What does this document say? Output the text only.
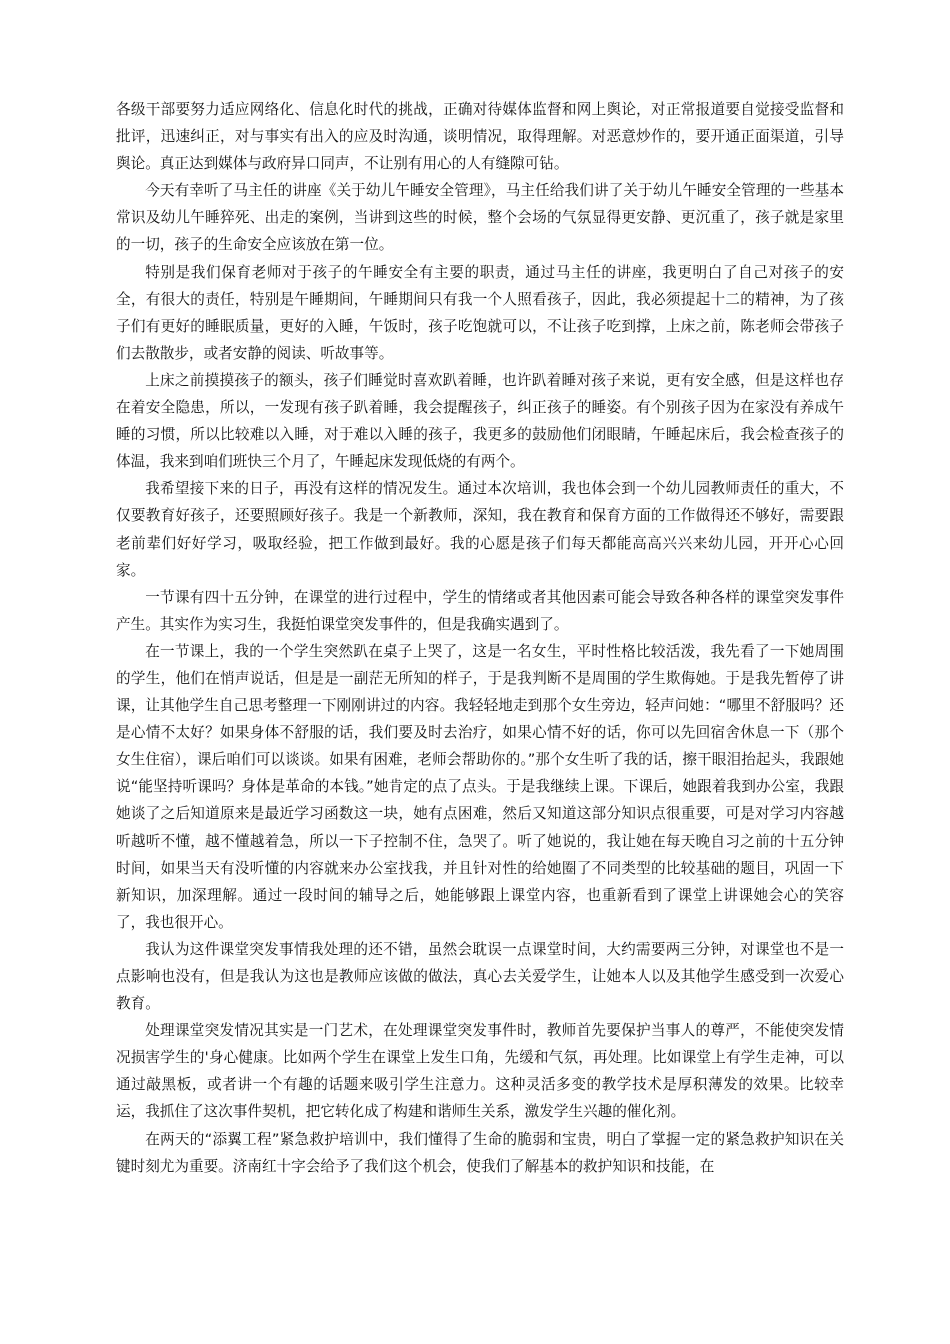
各级干部要努力适应网络化、信息化时代的挑战，正确对待媒体监督和网上舆论，对正常报道要自觉接受监督和批评，迅速纠正，对与事实有出入的应及时沟通，谈明情况，取得理解。对恶意炒作的，要开通正面渠道，引导舆论。真正达到媒体与政府异口同声，不让别有用心的人有缝隙可钻。

今天有幸听了马主任的讲座《关于幼儿午睡安全管理》，马主任给我们讲了关于幼儿午睡安全管理的一些基本常识及幼儿午睡猝死、出走的案例，当讲到这些的时候，整个会场的气氛显得更安静、更沉重了，孩子就是家里的一切，孩子的生命安全应该放在第一位。

特别是我们保育老师对于孩子的午睡安全有主要的职责，通过马主任的讲座，我更明白了自己对孩子的安全，有很大的责任，特别是午睡期间，午睡期间只有我一个人照看孩子，因此，我必须提起十二的精神，为了孩子们有更好的睡眠质量，更好的入睡，午饭时，孩子吃饱就可以，不让孩子吃到撑，上床之前，陈老师会带孩子们去散散步，或者安静的阅读、听故事等。

上床之前摸摸孩子的额头，孩子们睡觉时喜欢趴着睡，也许趴着睡对孩子来说，更有安全感，但是这样也存在着安全隐患，所以，一发现有孩子趴着睡，我会提醒孩子，纠正孩子的睡姿。有个别孩子因为在家没有养成午睡的习惯，所以比较难以入睡，对于难以入睡的孩子，我更多的鼓励他们闭眼睛，午睡起床后，我会检查孩子的体温，我来到咱们班快三个月了，午睡起床发现低烧的有两个。

我希望接下来的日子，再没有这样的情况发生。通过本次培训，我也体会到一个幼儿园教师责任的重大，不仅要教育好孩子，还要照顾好孩子。我是一个新教师，深知，我在教育和保育方面的工作做得还不够好，需要跟老前辈们好好学习，吸取经验，把工作做到最好。我的心愿是孩子们每天都能高高兴兴来幼儿园，开开心心回家。

一节课有四十五分钟，在课堂的进行过程中，学生的情绪或者其他因素可能会导致各种各样的课堂突发事件产生。其实作为实习生，我挺怕课堂突发事件的，但是我确实遇到了。

在一节课上，我的一个学生突然趴在桌子上哭了，这是一名女生，平时性格比较活泼，我先看了一下她周围的学生，他们在悄声说话，但是是一副茫无所知的样子，于是我判断不是周围的学生欺侮她。于是我先暂停了讲课，让其他学生自己思考整理一下刚刚讲过的内容。我轻轻地走到那个女生旁边，轻声问她：“哪里不舒服吗？还是心情不太好？如果身体不舒服的话，我们要及时去治疗，如果心情不好的话，你可以先回宿舍休息一下（那个女生住宿），课后咱们可以谈谈。如果有困难，老师会帮助你的。”那个女生听了我的话，擦干眼泪抬起头，我跟她说“能坚持听课吗？身体是革命的本钱。”她肯定的点了点头。于是我继续上课。下课后，她跟着我到办公室，我跟她谈了之后知道原来是最近学习函数这一块，她有点困难，然后又知道这部分知识点很重要，可是对学习内容越听越听不懂，越不懂越着急，所以一下子控制不住，急哭了。听了她说的，我让她在每天晚自习之前的十五分钟时间，如果当天有没听懂的内容就来办公室找我，并且针对性的给她圈了不同类型的比较基础的题目，巩固一下新知识，加深理解。通过一段时间的辅导之后，她能够跟上课堂内容，也重新看到了课堂上讲课她会心的笑容了，我也很开心。

我认为这件课堂突发事情我处理的还不错，虽然会耽误一点课堂时间，大约需要两三分钟，对课堂也不是一点影响也没有，但是我认为这也是教师应该做的做法，真心去关爱学生，让她本人以及其他学生感受到一次爱心教育。

处理课堂突发情况其实是一门艺术，在处理课堂突发事件时，教师首先要保护当事人的尊严，不能使突发情况损害学生的'身心健康。比如两个学生在课堂上发生口角，先缓和气氛，再处理。比如课堂上有学生走神，可以通过敲黑板，或者讲一个有趣的话题来吸引学生注意力。这种灵活多变的教学技术是厚积薄发的效果。比较幸运，我抓住了这次事件契机，把它转化成了构建和谐师生关系，激发学生兴趣的催化剂。

在两天的“添翼工程”紧急救护培训中，我们懂得了生命的脆弱和宝贵，明白了掌握一定的紧急救护知识在关键时刻尤为重要。济南红十字会给予了我们这个机会，使我们了解基本的救护知识和技能，在
